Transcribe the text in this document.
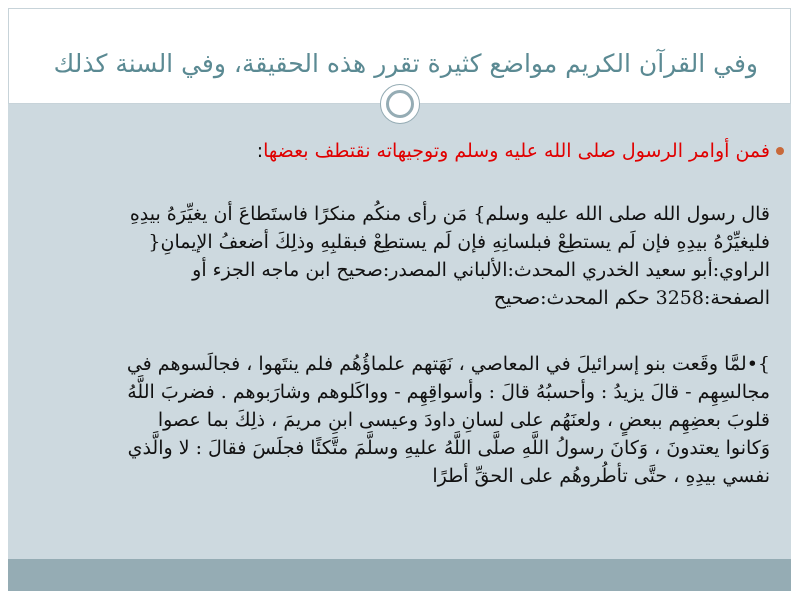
وفي القرآن الكريم مواضع كثيرة تقرر هذه الحقيقة، وفي السنة كذلك
فمن أوامر الرسول صلى الله عليه وسلم وتوجيهاته نقتطف بعضها:
قال رسول الله صلى الله عليه وسلم} مَن رأى منكُم منكرًا فاستَطاعَ أن يغيِّرَهُ بيدِهِ
فليغيِّرْهُ بيدِهِ فإن لَم يستطِعْ فبلسانِهِ فإن لَم يستطِعْ فبقلبِهِ وذلِكَ أضعفُ الإيمانِ{
الراوي:أبو سعيد الخدري المحدث:الألباني المصدر:صحيح ابن ماجه الجزء أو
الصفحة:3258 حكم المحدث:صحيح
}•لمَّا وقَعت بنو إسرائيلَ في المعاصي ، نَهَتهم علماؤُهُم فلم ينتَهوا ، فجالَسوهم في
مجالسِهِم - قالَ يزيدُ : وأحسبُهُ قالَ : وأسواقِهِم - وواكَلوهم وشارَبوهم . فضربَ اللَّهُ
قلوبَ بعضِهِم ببعضٍ ، ولعنَهُم على لسانِ داودَ وعيسى ابنِ مريمَ ، ذلِكَ بما عصوا
وَكانوا يعتدونَ ، وَكانَ رسولُ اللَّهِ صلَّى اللَّهُ عليهِ وسلَّمَ متَّكئًا فجلَسَ فقالَ : لا والَّذي
نفسي بيدِهِ ، حتَّى تأطُروهُم على الحقِّ أطرًا
